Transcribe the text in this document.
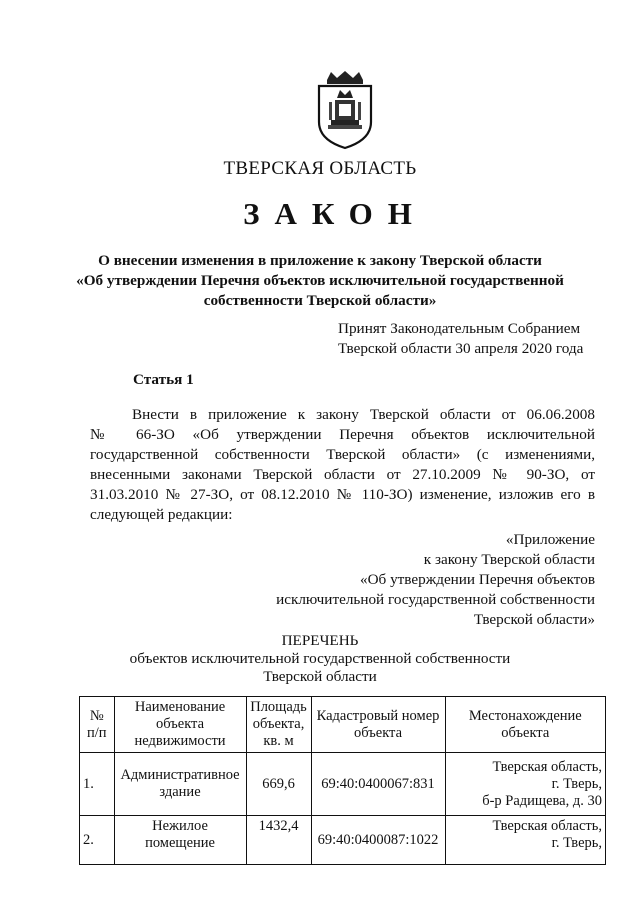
ТВЕРСКАЯ ОБЛАСТЬ
ЗАКОН
О внесении изменения в приложение к закону Тверской области
«Об утверждении Перечня объектов исключительной государственной
собственности Тверской области»
Принят Законодательным Собранием
Тверской области 30 апреля 2020 года
Статья 1
Внести в приложение к закону Тверской области от 06.06.2008
№ 66-ЗО «Об утверждении Перечня объектов исключительной
государственной собственности Тверской области» (с изменениями,
внесенными законами Тверской области от 27.10.2009 № 90-ЗО, от
31.03.2010 № 27-ЗО, от 08.12.2010 № 110-ЗО) изменение, изложив его в
следующей редакции:
«Приложение
к закону Тверской области
«Об утверждении Перечня объектов
исключительной государственной собственности
Тверской области»
ПЕРЕЧЕНЬ
объектов исключительной государственной собственности
Тверской области
№ п/п	Наименование объекта недвижимости	Площадь объекта, кв. м	Кадастровый номер объекта	Местонахождение объекта
1.	Административное здание	669,6	69:40:0400067:831	Тверская область,
г. Тверь,
б-р Радищева, д. 30

2.	Нежилое помещение	1432,4	69:40:0400087:1022	Тверская область,
г. Тверь,
